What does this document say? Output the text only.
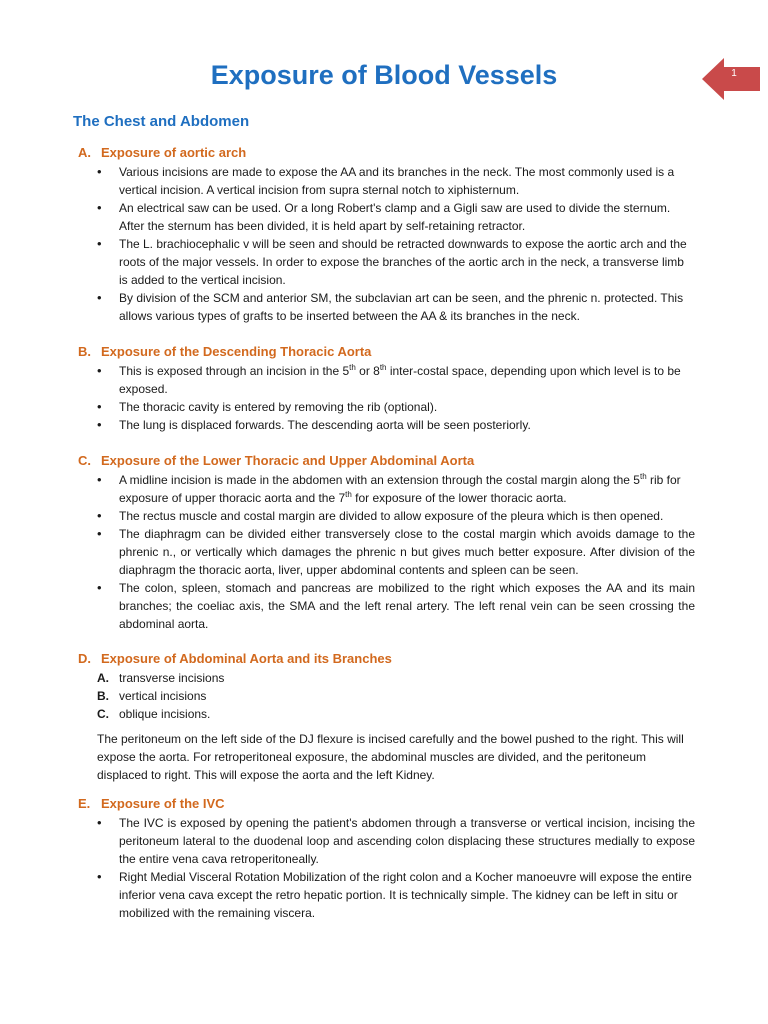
Exposure of Blood Vessels	1
The Chest and Abdomen
A. Exposure of aortic arch
• Various incisions are made to expose the AA and its branches in the neck. The most commonly used is a vertical incision. A vertical incision from supra sternal notch to xiphisternum.
• An electrical saw can be used. Or a long Robert's clamp and a Gigli saw are used to divide the sternum. After the sternum has been divided, it is held apart by self-retaining retractor.
• The L. brachiocephalic v will be seen and should be retracted downwards to expose the aortic arch and the roots of the major vessels. In order to expose the branches of the aortic arch in the neck, a transverse limb is added to the vertical incision.
• By division of the SCM and anterior SM, the subclavian art can be seen, and the phrenic n. protected. This allows various types of grafts to be inserted between the AA & its branches in the neck.
B. Exposure of the Descending Thoracic Aorta
• This is exposed through an incision in the 5th or 8th inter-costal space, depending upon which level is to be exposed.
• The thoracic cavity is entered by removing the rib (optional).
• The lung is displaced forwards. The descending aorta will be seen posteriorly.
C. Exposure of the Lower Thoracic and Upper Abdominal Aorta
• A midline incision is made in the abdomen with an extension through the costal margin along the 5th rib for exposure of upper thoracic aorta and the 7th for exposure of the lower thoracic aorta.
• The rectus muscle and costal margin are divided to allow exposure of the pleura which is then opened.
• The diaphragm can be divided either transversely close to the costal margin which avoids damage to the phrenic n., or vertically which damages the phrenic n but gives much better exposure. After division of the diaphragm the thoracic aorta, liver, upper abdominal contents and spleen can be seen.
• The colon, spleen, stomach and pancreas are mobilized to the right which exposes the AA and its main branches; the coeliac axis, the SMA and the left renal artery. The left renal vein can be seen crossing the abdominal aorta.
D. Exposure of Abdominal Aorta and its Branches
A. transverse incisions
B. vertical incisions
C. oblique incisions.

The peritoneum on the left side of the DJ flexure is incised carefully and the bowel pushed to the right. This will expose the aorta. For retroperitoneal exposure, the abdominal muscles are divided, and the peritoneum displaced to right. This will expose the aorta and the left Kidney.

E. Exposure of the IVC
• The IVC is exposed by opening the patient's abdomen through a transverse or vertical incision, incising the peritoneum lateral to the duodenal loop and ascending colon displacing these structures medially to expose the entire vena cava retroperitoneally.
• Right Medial Visceral Rotation Mobilization of the right colon and a Kocher manoeuvre will expose the entire inferior vena cava except the retro hepatic portion. It is technically simple. The kidney can be left in situ or mobilized with the remaining viscera.
